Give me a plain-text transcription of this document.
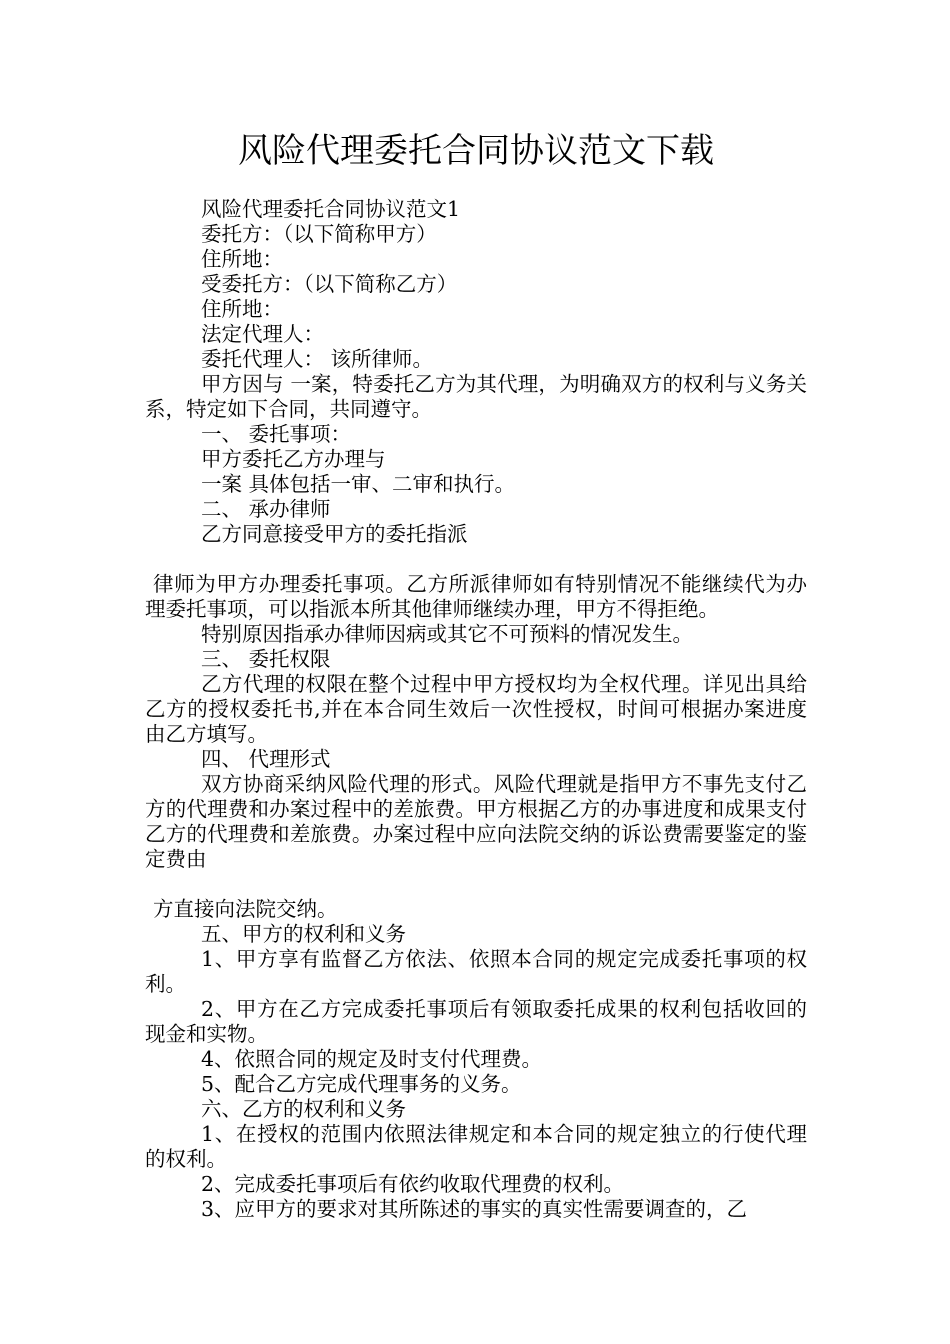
风险代理委托合同协议范文下载

风险代理委托合同协议范文1

委托方：（以下简称甲方）

住所地：

受委托方：（以下简称乙方）

住所地：

法定代理人：

委托代理人： 该所律师。

甲方因与 一案，特委托乙方为其代理，为明确双方的权利与义务关系，特定如下合同，共同遵守。

一、 委托事项：

甲方委托乙方办理与

一案 具体包括一审、二审和执行。

二、 承办律师

乙方同意接受甲方的委托指派

律师为甲方办理委托事项。乙方所派律师如有特别情况不能继续代为办理委托事项，可以指派本所其他律师继续办理，甲方不得拒绝。

特别原因指承办律师因病或其它不可预料的情况发生。

三、 委托权限

乙方代理的权限在整个过程中甲方授权均为全权代理。详见出具给乙方的授权委托书,并在本合同生效后一次性授权，时间可根据办案进度由乙方填写。

四、 代理形式

双方协商采纳风险代理的形式。风险代理就是指甲方不事先支付乙方的代理费和办案过程中的差旅费。甲方根据乙方的办事进度和成果支付乙方的代理费和差旅费。办案过程中应向法院交纳的诉讼费需要鉴定的鉴定费由

方直接向法院交纳。

五、甲方的权利和义务

1、甲方享有监督乙方依法、依照本合同的规定完成委托事项的权利。

2、甲方在乙方完成委托事项后有领取委托成果的权利包括收回的现金和实物。

4、依照合同的规定及时支付代理费。

5、配合乙方完成代理事务的义务。

六、乙方的权利和义务

1、在授权的范围内依照法律规定和本合同的规定独立的行使代理的权利。

2、完成委托事项后有依约收取代理费的权利。

3、应甲方的要求对其所陈述的事实的真实性需要调查的，乙
